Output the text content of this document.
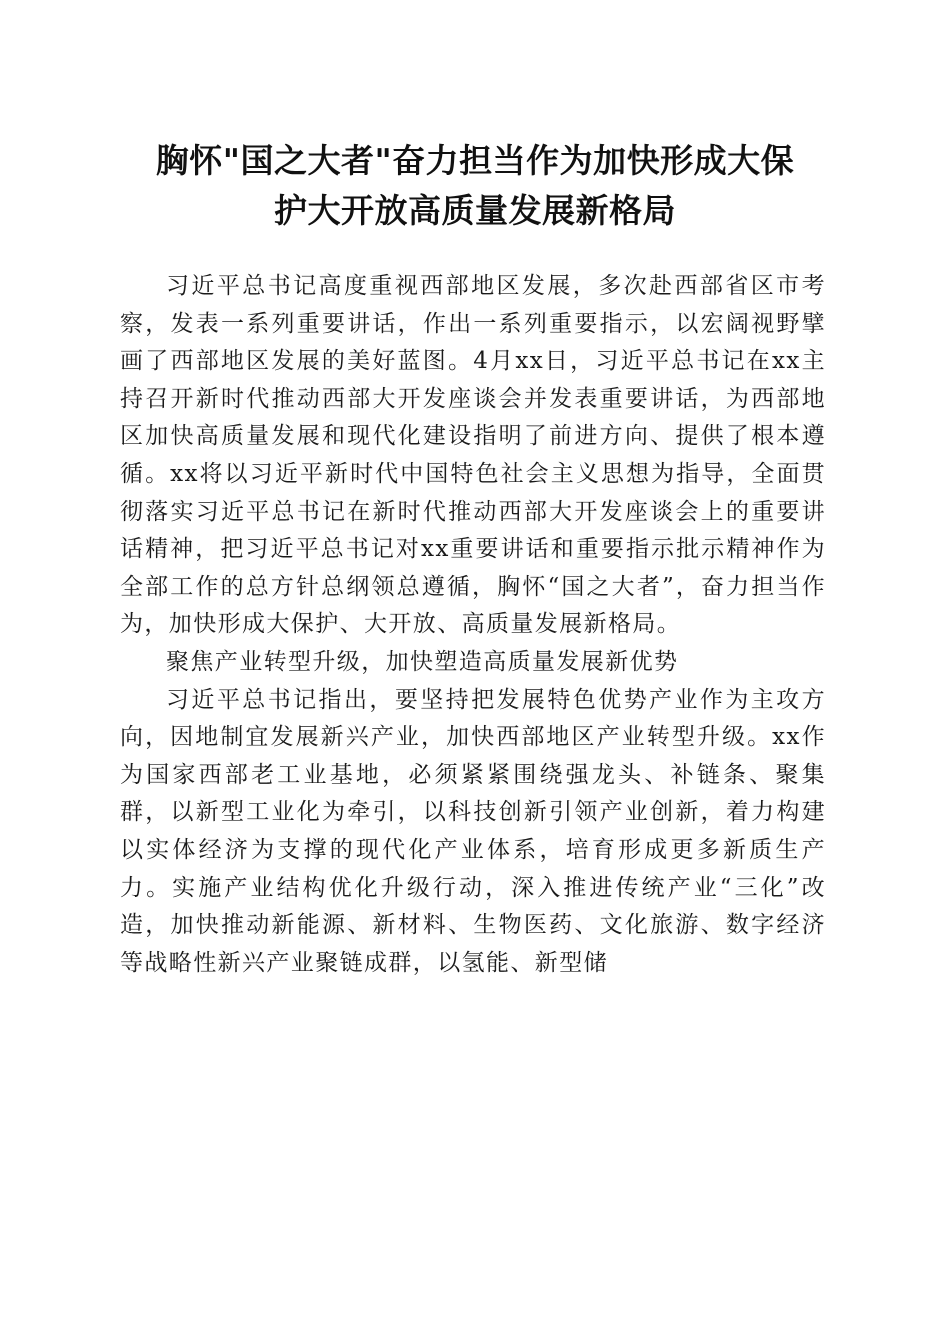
胸怀"国之大者"奋力担当作为加快形成大保
护大开放高质量发展新格局

习近平总书记高度重视西部地区发展，多次赴西部省区市考察，发表一系列重要讲话，作出一系列重要指示，以宏阔视野擘画了西部地区发展的美好蓝图。4月xx日，习近平总书记在xx主持召开新时代推动西部大开发座谈会并发表重要讲话，为西部地区加快高质量发展和现代化建设指明了前进方向、提供了根本遵循。xx将以习近平新时代中国特色社会主义思想为指导，全面贯彻落实习近平总书记在新时代推动西部大开发座谈会上的重要讲话精神，把习近平总书记对xx重要讲话和重要指示批示精神作为全部工作的总方针总纲领总遵循，胸怀“国之大者”，奋力担当作为，加快形成大保护、大开放、高质量发展新格局。

聚焦产业转型升级，加快塑造高质量发展新优势

习近平总书记指出，要坚持把发展特色优势产业作为主攻方向，因地制宜发展新兴产业，加快西部地区产业转型升级。xx作为国家西部老工业基地，必须紧紧围绕强龙头、补链条、聚集群，以新型工业化为牵引，以科技创新引领产业创新，着力构建以实体经济为支撑的现代化产业体系，培育形成更多新质生产力。实施产业结构优化升级行动，深入推进传统产业“三化”改造，加快推动新能源、新材料、生物医药、文化旅游、数字经济等战略性新兴产业聚链成群，以氢能、新型储
